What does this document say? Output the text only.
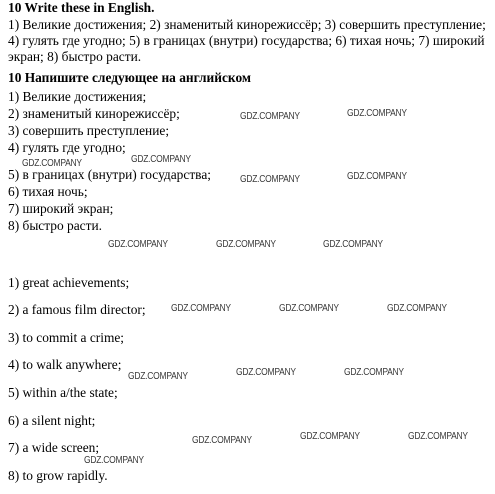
10 Write these in English.
1) Великие достижения; 2) знаменитый кинорежиссёр; 3) совершить преступление; 4) гулять где угодно; 5) в границах (внутри) государства; 6) тихая ночь; 7) широкий экран; 8) быстро расти.
10 Напишите следующее на английском
1) Великие достижения;
2) знаменитый кинорежиссёр;
3) совершить преступление;
4) гулять где угодно;
5) в границах (внутри) государства;
6) тихая ночь;
7) широкий экран;
8) быстро расти.
1) great achievements;
2) a famous film director;
3) to commit a crime;
4) to walk anywhere;
5) within a/the state;
6) a silent night;
7) a wide screen;
8) to grow rapidly.
GDZ.COMPANY	GDZ.COMPANY
GDZ.COMPANY	GDZ.COMPANY
GDZ.COMPANY	GDZ.COMPANY
GDZ.COMPANY	GDZ.COMPANY	GDZ.COMPANY
GDZ.COMPANY	GDZ.COMPANY	GDZ.COMPANY
GDZ.COMPANY	GDZ.COMPANY	GDZ.COMPANY
GDZ.COMPANY	GDZ.COMPANY	GDZ.COMPANY
GDZ.COMPANY
